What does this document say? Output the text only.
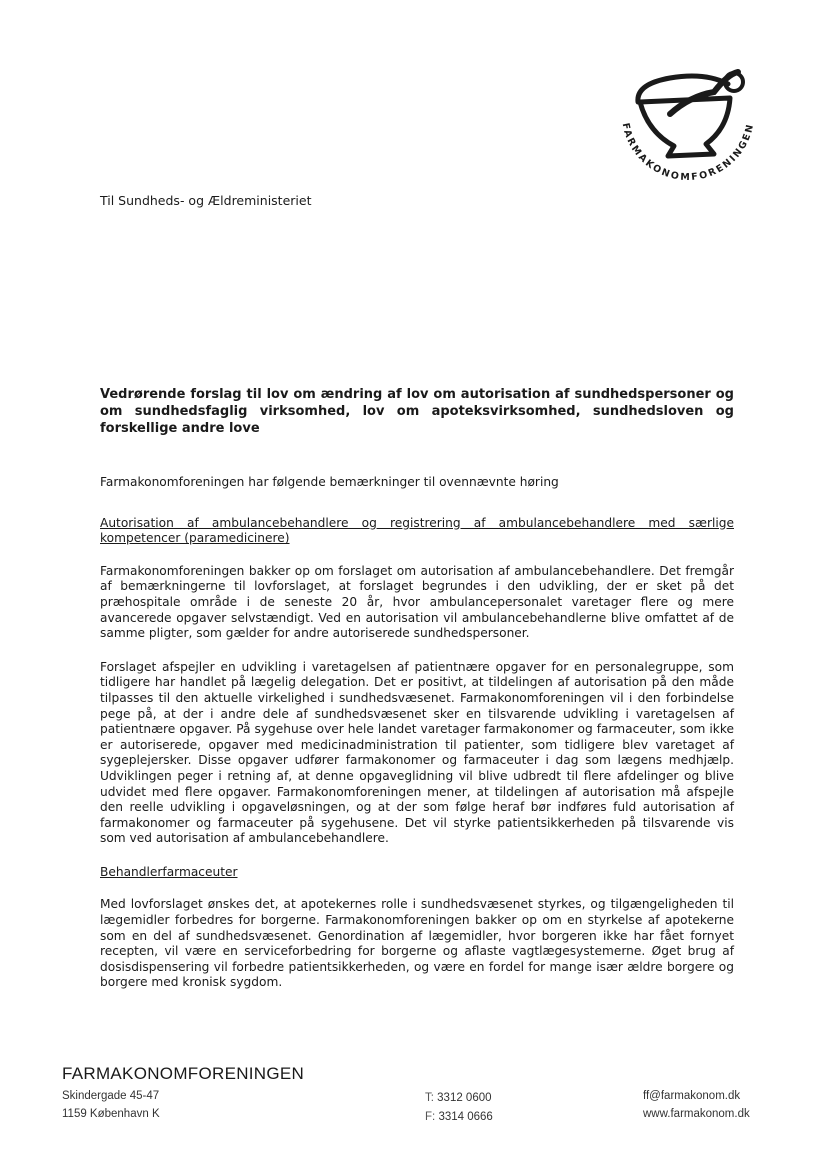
FARMAKONOMFORENINGEN
Til Sundheds- og Ældreministeriet

Vedrørende forslag til lov om ændring af lov om autorisation af sundhedspersoner og om sundhedsfaglig virksomhed, lov om apoteksvirksomhed, sundhedsloven og forskellige andre love

Farmakonomforeningen har følgende bemærkninger til ovennævnte høring

Autorisation af ambulancebehandlere og registrering af ambulancebehandlere med særlige kompetencer (paramedicinere)

Farmakonomforeningen bakker op om forslaget om autorisation af ambulancebehandlere. Det fremgår af bemærkningerne til lovforslaget, at forslaget begrundes i den udvikling, der er sket på det præhospitale område i de seneste 20 år, hvor ambulancepersonalet varetager flere og mere avancerede opgaver selvstændigt. Ved en autorisation vil ambulancebehandlerne blive omfattet af de samme pligter, som gælder for andre autoriserede sundhedspersoner.

Forslaget afspejler en udvikling i varetagelsen af patientnære opgaver for en personalegruppe, som tidligere har handlet på lægelig delegation. Det er positivt, at tildelingen af autorisation på den måde tilpasses til den aktuelle virkelighed i sundhedsvæsenet. Farmakonomforeningen vil i den forbindelse pege på, at der i andre dele af sundhedsvæsenet sker en tilsvarende udvikling i varetagelsen af patientnære opgaver. På sygehuse over hele landet varetager farmakonomer og farmaceuter, som ikke er autoriserede, opgaver med medicinadministration til patienter, som tidligere blev varetaget af sygeplejersker. Disse opgaver udfører farmakonomer og farmaceuter i dag som lægens medhjælp. Udviklingen peger i retning af, at denne opgaveglidning vil blive udbredt til flere afdelinger og blive udvidet med flere opgaver. Farmakonomforeningen mener, at tildelingen af autorisation må afspejle den reelle udvikling i opgaveløsningen, og at der som følge heraf bør indføres fuld autorisation af farmakonomer og farmaceuter på sygehusene. Det vil styrke patientsikkerheden på tilsvarende vis som ved autorisation af ambulancebehandlere.

Behandlerfarmaceuter

Med lovforslaget ønskes det, at apotekernes rolle i sundhedsvæsenet styrkes, og tilgængeligheden til lægemidler forbedres for borgerne. Farmakonomforeningen bakker op om en styrkelse af apotekerne som en del af sundhedsvæsenet. Genordination af lægemidler, hvor borgeren ikke har fået fornyet recepten, vil være en serviceforbedring for borgerne og aflaste vagtlægesystemerne. Øget brug af dosisdispensering vil forbedre patientsikkerheden, og være en fordel for mange især ældre borgere og borgere med kronisk sygdom.

FARMAKONOMFORENINGEN
Skindergade 45-47
1159 København K
T: 3312 0600
F: 3314 0666
ff@farmakonom.dk
www.farmakonom.dk
